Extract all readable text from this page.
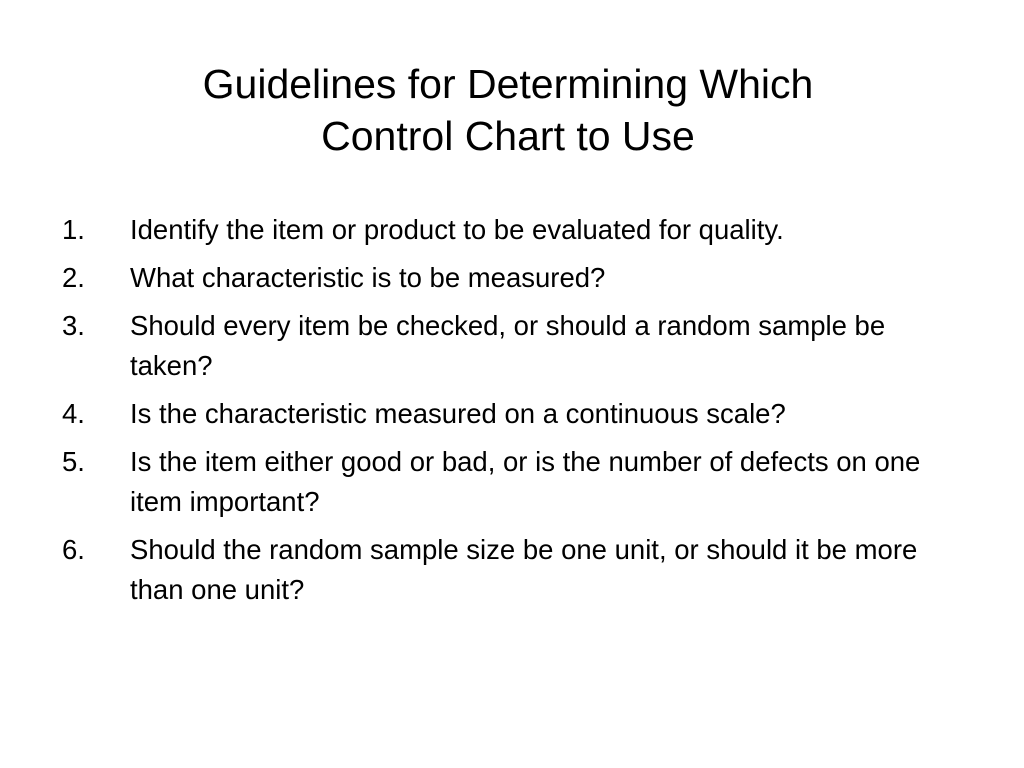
Guidelines for Determining Which
Control Chart to Use
1.	Identify the item or product to be evaluated for quality.
2.	What characteristic is to be measured?
3.	Should every item be checked, or should a random sample be taken?
4.	Is the characteristic measured on a continuous scale?
5.	Is the item either good or bad, or is the number of defects on one item important?
6.	Should the random sample size be one unit, or should it be more than one unit?
